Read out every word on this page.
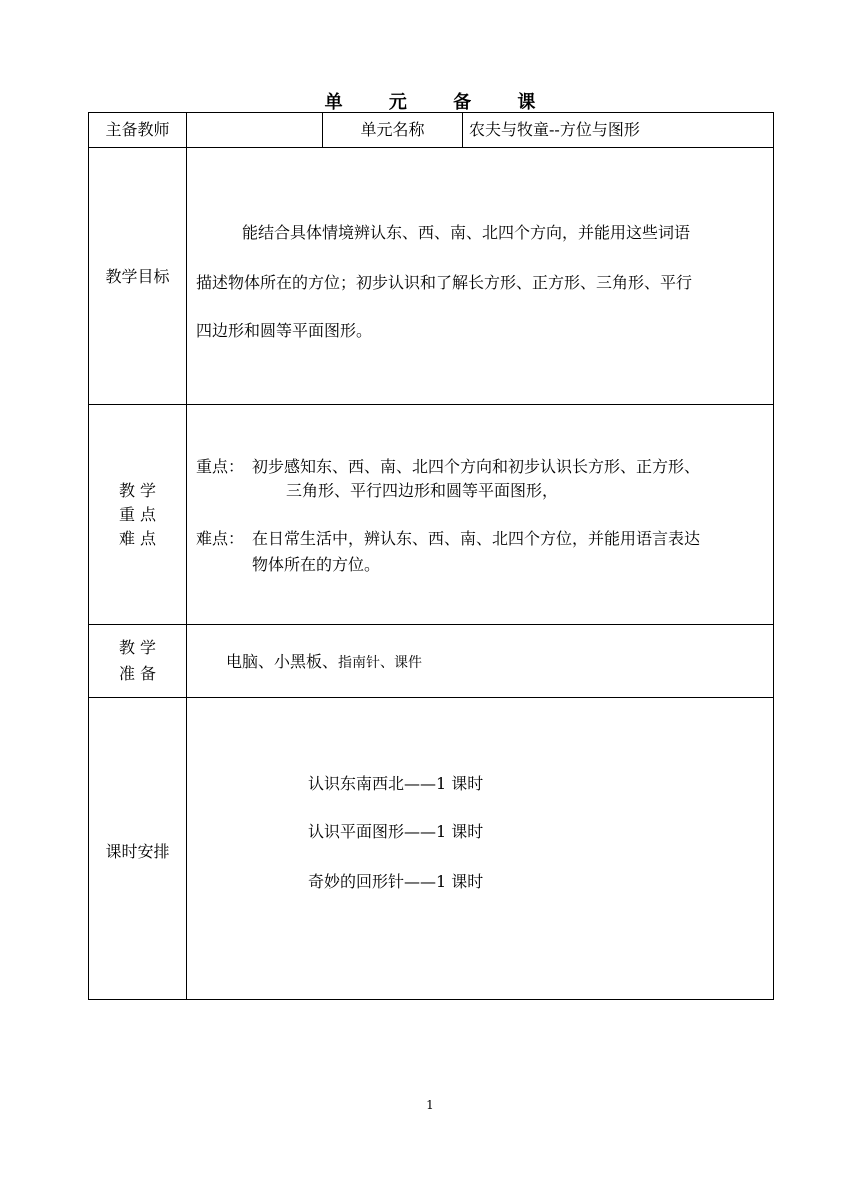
单 元 备 课
主备教师	单元名称	农夫与牧童--方位与图形
教学目标
能结合具体情境辨认东、西、南、北四个方向，并能用这些词语
描述物体所在的方位；初步认识和了解长方形、正方形、三角形、平行
四边形和圆等平面图形。
教 学
重 点
难 点
重点： 初步感知东、西、南、北四个方向和初步认识长方形、正方形、
三角形、平行四边形和圆等平面图形，
难点： 在日常生活中，辨认东、西、南、北四个方位，并能用语言表达
物体所在的方位。
教 学
准 备
电脑、小黑板、指南针、课件
课时安排
认识东南西北——1 课时
认识平面图形——1 课时
奇妙的回形针——1 课时
1
